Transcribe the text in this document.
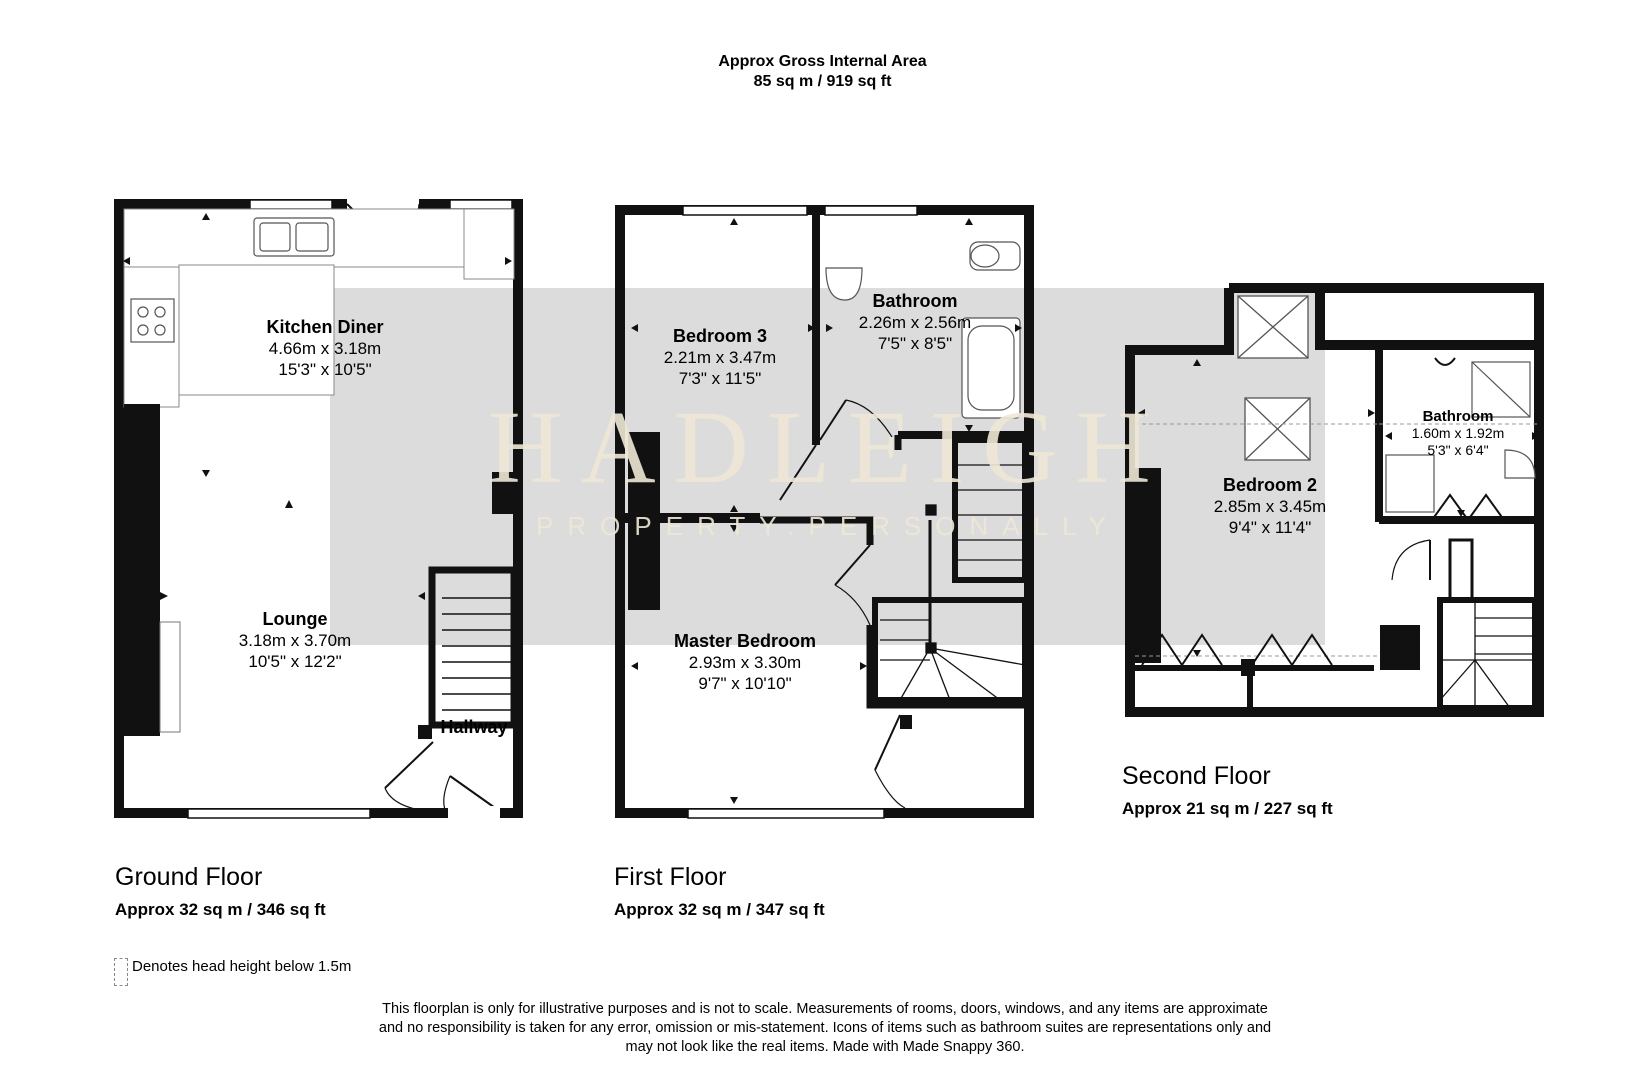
Approx Gross Internal Area
85 sq m / 919 sq ft
HADLEIGH
PROPERTY.PERSONALLY
Kitchen Diner
4.66m x 3.18m
15'3" x 10'5"
Lounge
3.18m x 3.70m
10'5" x 12'2"
Hallway
Bedroom 3
2.21m x 3.47m
7'3" x 11'5"
Bathroom
2.26m x 2.56m
7'5" x 8'5"
Master Bedroom
2.93m x 3.30m
9'7" x 10'10"
Bedroom 2
2.85m x 3.45m
9'4" x 11'4"
Bathroom
1.60m x 1.92m
5'3" x 6'4"
Ground Floor
Approx 32 sq m / 346 sq ft
First Floor
Approx 32 sq m / 347 sq ft
Second Floor
Approx 21 sq m / 227 sq ft
Denotes head height below 1.5m
This floorplan is only for illustrative purposes and is not to scale. Measurements of rooms, doors, windows, and any items are approximate
and no responsibility is taken for any error, omission or mis-statement. Icons of items such as bathroom suites are representations only and
may not look like the real items. Made with Made Snappy 360.
